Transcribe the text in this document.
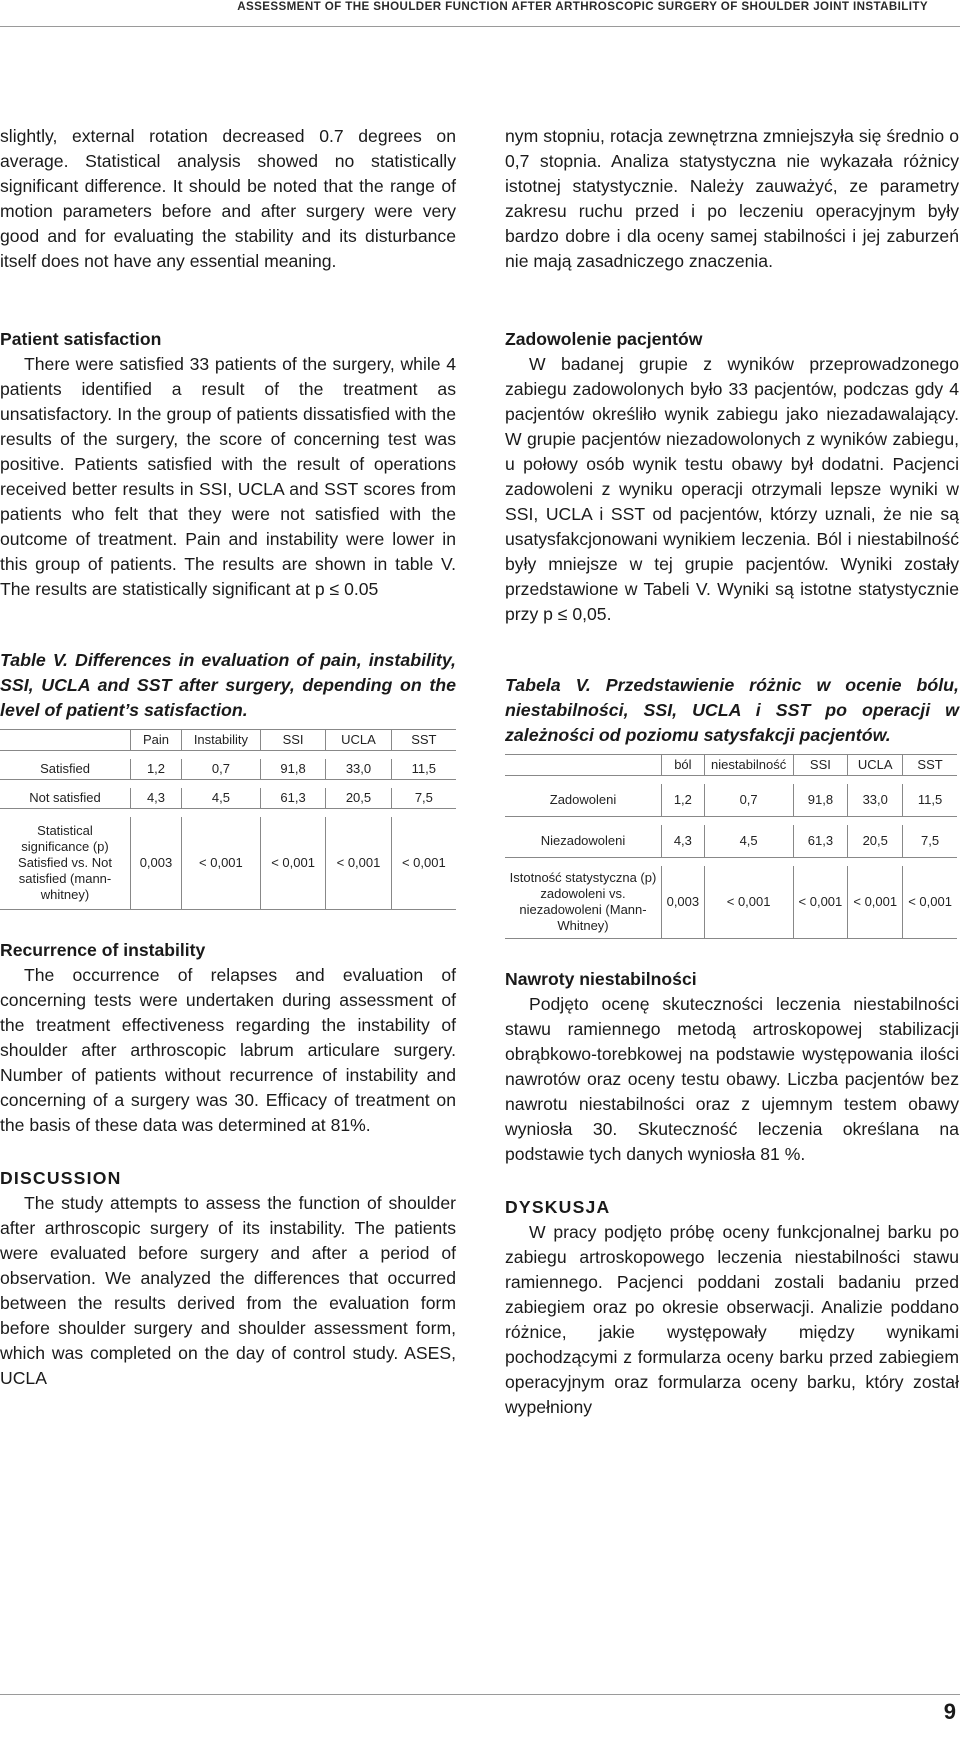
ASSESSMENT OF THE SHOULDER FUNCTION AFTER ARTHROSCOPIC SURGERY OF SHOULDER JOINT INSTABILITY

slightly, external rotation decreased 0.7 degrees on average. Statistical analysis showed no statistically significant difference. It should be noted that the range of motion parameters before and after surgery were very good and for evaluating the stability and its disturbance itself does not have any essential meaning.

Patient satisfaction

There were satisfied 33 patients of the surgery, while 4 patients identified a result of the treatment as unsatisfactory. In the group of patients dissatisfied with the results of the surgery, the score of concerning test was positive. Patients satisfied with the result of operations received better results in SSI, UCLA and SST scores from patients who felt that they were not satisfied with the outcome of treatment. Pain and instability were lower in this group of patients. The results are shown in table V. The results are statistically significant at p ≤ 0.05

Table V. Differences in evaluation of pain, instability, SSI, UCLA and SST after surgery, depending on the level of patient’s satisfaction.

	Pain	Instability	SSI	UCLA	SST

Satisfied	1,2	0,7	91,8	33,0	11,5

Not satisfied	4,3	4,5	61,3	20,5	7,5

Statistical significance (p) Satisfied vs. Not satisfied (mann-whitney)	0,003	< 0,001	< 0,001	< 0,001	< 0,001

Recurrence of instability

The occurrence of relapses and evaluation of concerning tests were undertaken during assessment of the treatment effectiveness regarding the instability of shoulder after arthroscopic labrum articulare surgery. Number of patients without recurrence of instability and concerning of a surgery was 30. Efficacy of treatment on the basis of these data was determined at 81%.

DISCUSSION

The study attempts to assess the function of shoulder after arthroscopic surgery of its instability. The patients were evaluated before surgery and after a period of observation. We analyzed the differences that occurred between the results derived from the evaluation form before shoulder surgery and shoulder assessment form, which was completed on the day of control study. ASES, UCLA

nym stopniu, rotacja zewnętrzna zmniejszyła się średnio o 0,7 stopnia. Analiza statystyczna nie wykazała różnicy istotnej statystycznie. Należy zauważyć, ze parametry zakresu ruchu przed i po leczeniu operacyjnym były bardzo dobre i dla oceny samej stabilności i jej zaburzeń nie mają zasadniczego znaczenia.

Zadowolenie pacjentów

W badanej grupie z wyników przeprowadzonego zabiegu zadowolonych było 33 pacjentów, podczas gdy 4 pacjentów określiło wynik zabiegu jako niezadawalający. W grupie pacjentów niezadowolonych z wyników zabiegu, u połowy osób wynik testu obawy był dodatni. Pacjenci zadowoleni z wyniku operacji otrzymali lepsze wyniki w SSI, UCLA i SST od pacjentów, którzy uznali, że nie są usatysfakcjonowani wynikiem leczenia. Ból i niestabilność były mniejsze w tej grupie pacjentów. Wyniki zostały przedstawione w Tabeli V. Wyniki są istotne statystycznie przy p ≤ 0,05.

Tabela V. Przedstawienie różnic w ocenie bólu, niestabilności, SSI, UCLA i SST po operacji w zależności od poziomu satysfakcji pacjentów.

	ból	niestabilność	SSI	UCLA	SST

Zadowoleni	1,2	0,7	91,8	33,0	11,5

Niezadowoleni	4,3	4,5	61,3	20,5	7,5

Istotność statystyczna (p) zadowoleni vs. niezadowoleni (Mann-Whitney)	0,003	< 0,001	< 0,001	< 0,001	< 0,001

Nawroty niestabilności

Podjęto ocenę skuteczności leczenia niestabilności stawu ramiennego metodą artroskopowej stabilizacji obrąbkowo-torebkowej na podstawie występowania ilości nawrotów oraz oceny testu obawy. Liczba pacjentów bez nawrotu niestabilności oraz z ujemnym testem obawy wyniosła 30. Skuteczność leczenia określana na podstawie tych danych wyniosła 81 %.

DYSKUSJA

W pracy podjęto próbę oceny funkcjonalnej barku po zabiegu artroskopowego leczenia niestabilności stawu ramiennego. Pacjenci poddani zostali badaniu przed zabiegiem oraz po okresie obserwacji. Analizie poddano różnice, jakie występowały między wynikami pochodzącymi z formularza oceny barku przed zabiegiem operacyjnym oraz formularza oceny barku, który został wypełniony

9
